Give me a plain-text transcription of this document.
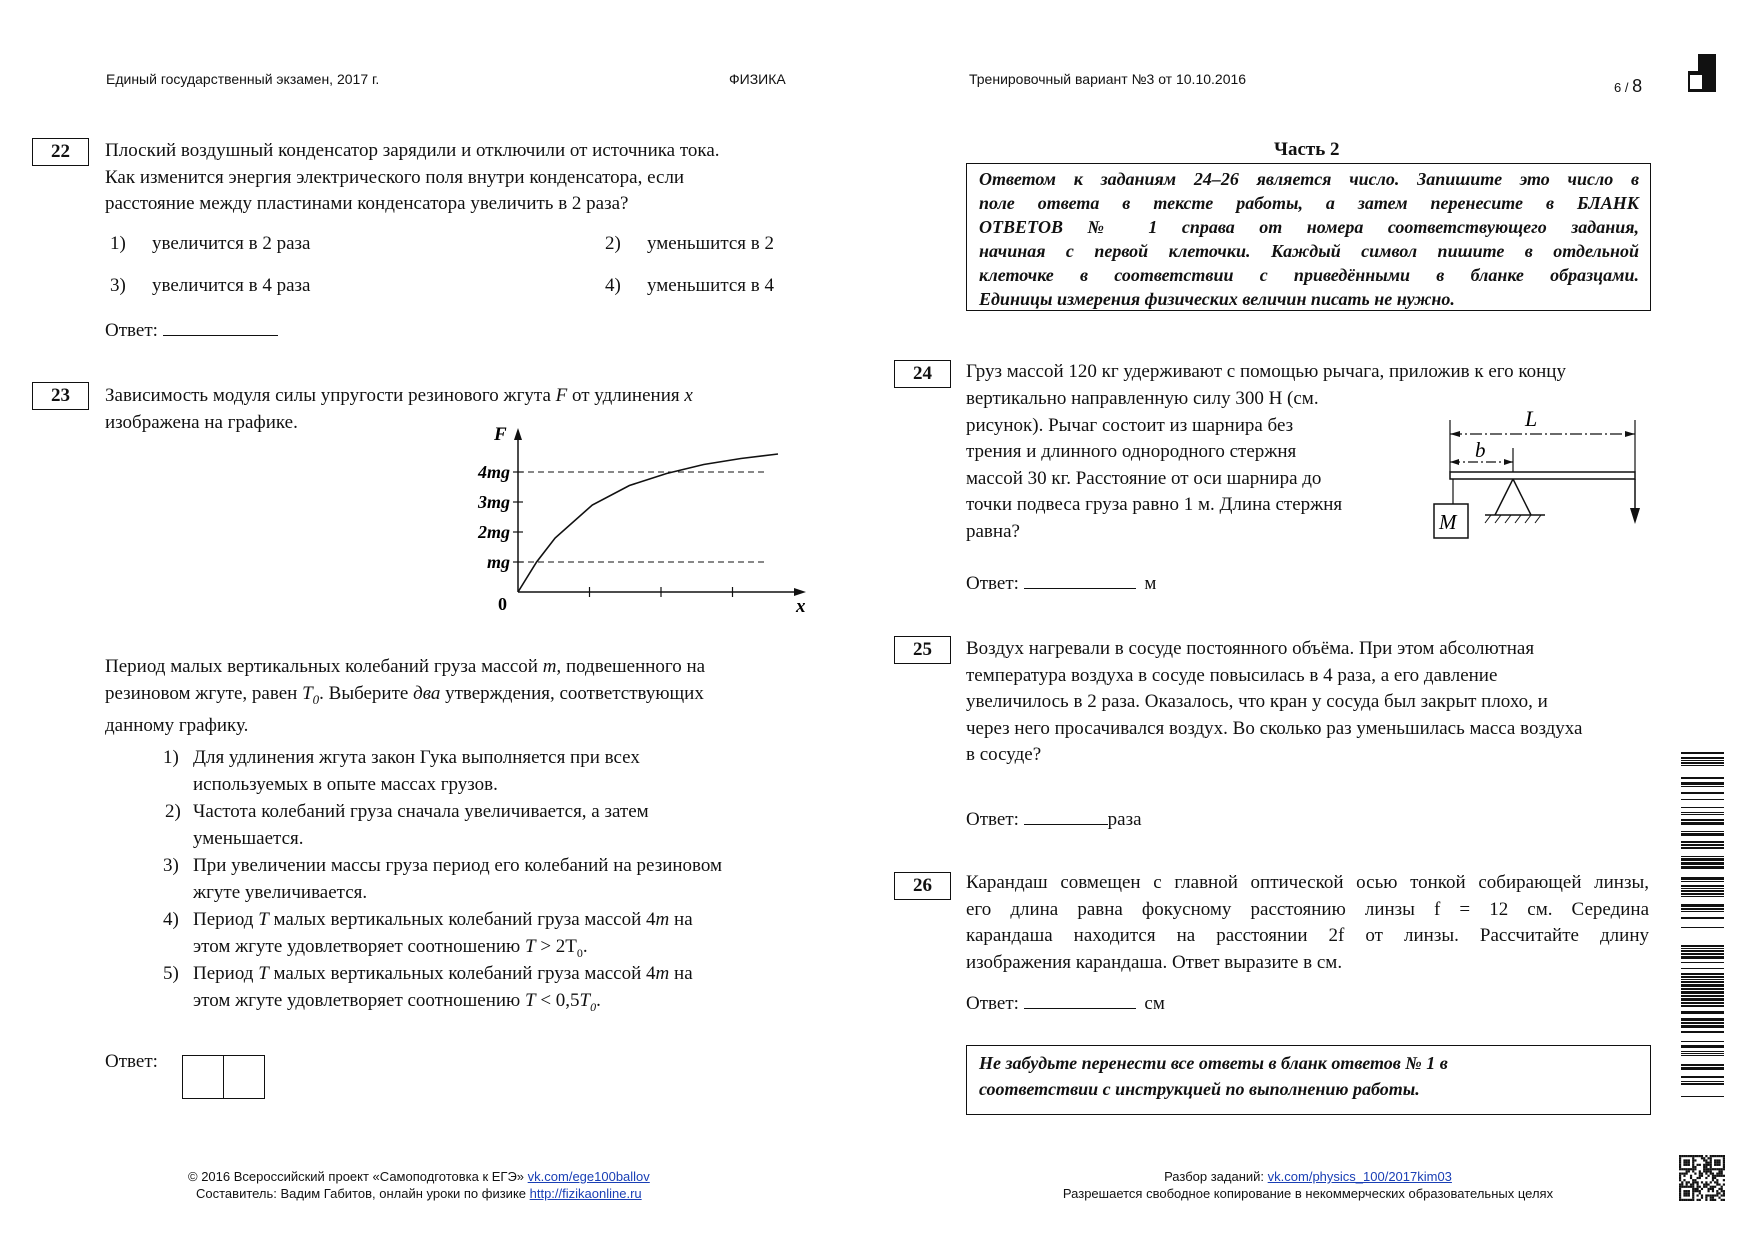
Единый государственный экзамен, 2017 г.	ФИЗИКА	Тренировочный вариант №3 от 10.10.2016
6 / 8
22	Плоский воздушный конденсатор зарядили и отключили от источника тока.
Как изменится энергия электрического поля внутри конденсатора, если
расстояние между пластинами конденсатора увеличить в 2 раза?
1) увеличится в 2 раза	2) уменьшится в 2
3) увеличится в 4 раза	4) уменьшится в 4
Ответ:
23	Зависимость модуля силы упругости резинового жгута F от удлинения x
изображена на графике.
F
x
0
mg
2mg
3mg
4mg
Период малых вертикальных колебаний груза массой m, подвешенного на
резиновом жгуте, равен $T_0$. Выберите два утверждения, соответствующих
данному графику.
1) Для удлинения жгута закон Гука выполняется при всех
используемых в опыте массах грузов.
2) Частота колебаний груза сначала увеличивается, а затем
уменьшается.
3) При увеличении массы груза период его колебаний на резиновом
жгуте увеличивается.
4) Период T малых вертикальных колебаний груза массой 4m на
этом жгуте удовлетворяет соотношению $T > 2T_0$.
5) Период T малых вертикальных колебаний груза массой 4m на
этом жгуте удовлетворяет соотношению $T < 0,5T_0$.
Ответ:
Часть 2
Ответом к заданиям 24–26 является число. Запишите это число в
поле ответа в тексте работы, а затем перенесите в БЛАНК
ОТВЕТОВ № 1 справа от номера соответствующего задания,
начиная с первой клеточки. Каждый символ пишите в отдельной
клеточке в соответствии с приведёнными в бланке образцами.
Единицы измерения физических величин писать не нужно.
24	Груз массой 120 кг удерживают с помощью рычага, приложив к его концу
вертикально направленную силу 300 Н (см.
рисунок). Рычаг состоит из шарнира без
трения и длинного однородного стержня
массой 30 кг. Расстояние от оси шарнира до
точки подвеса груза равно 1 м. Длина стержня
равна?
L
b
M
Ответ:	м
25	Воздух нагревали в сосуде постоянного объёма. При этом абсолютная
температура воздуха в сосуде повысилась в 4 раза, а его давление
увеличилось в 2 раза. Оказалось, что кран у сосуда был закрыт плохо, и
через него просачивался воздух. Во сколько раз уменьшилась масса воздуха
в сосуде?
Ответ:	раза
26	Карандаш совмещен с главной оптической осью тонкой собирающей линзы,
его длина равна фокусному расстоянию линзы f = 12 см. Середина
карандаша находится на расстоянии 2f от линзы. Рассчитайте длину
изображения карандаша. Ответ выразите в см.
Ответ:	см
Не забудьте перенести все ответы в бланк ответов № 1 в
соответствии с инструкцией по выполнению работы.
© 2016 Всероссийский проект «Самоподготовка к ЕГЭ» vk.com/ege100ballov
Составитель: Вадим Габитов, онлайн уроки по физике http://fizikaonline.ru
Разбор заданий: vk.com/physics_100/2017kim03
Разрешается свободное копирование в некоммерческих образовательных целях
